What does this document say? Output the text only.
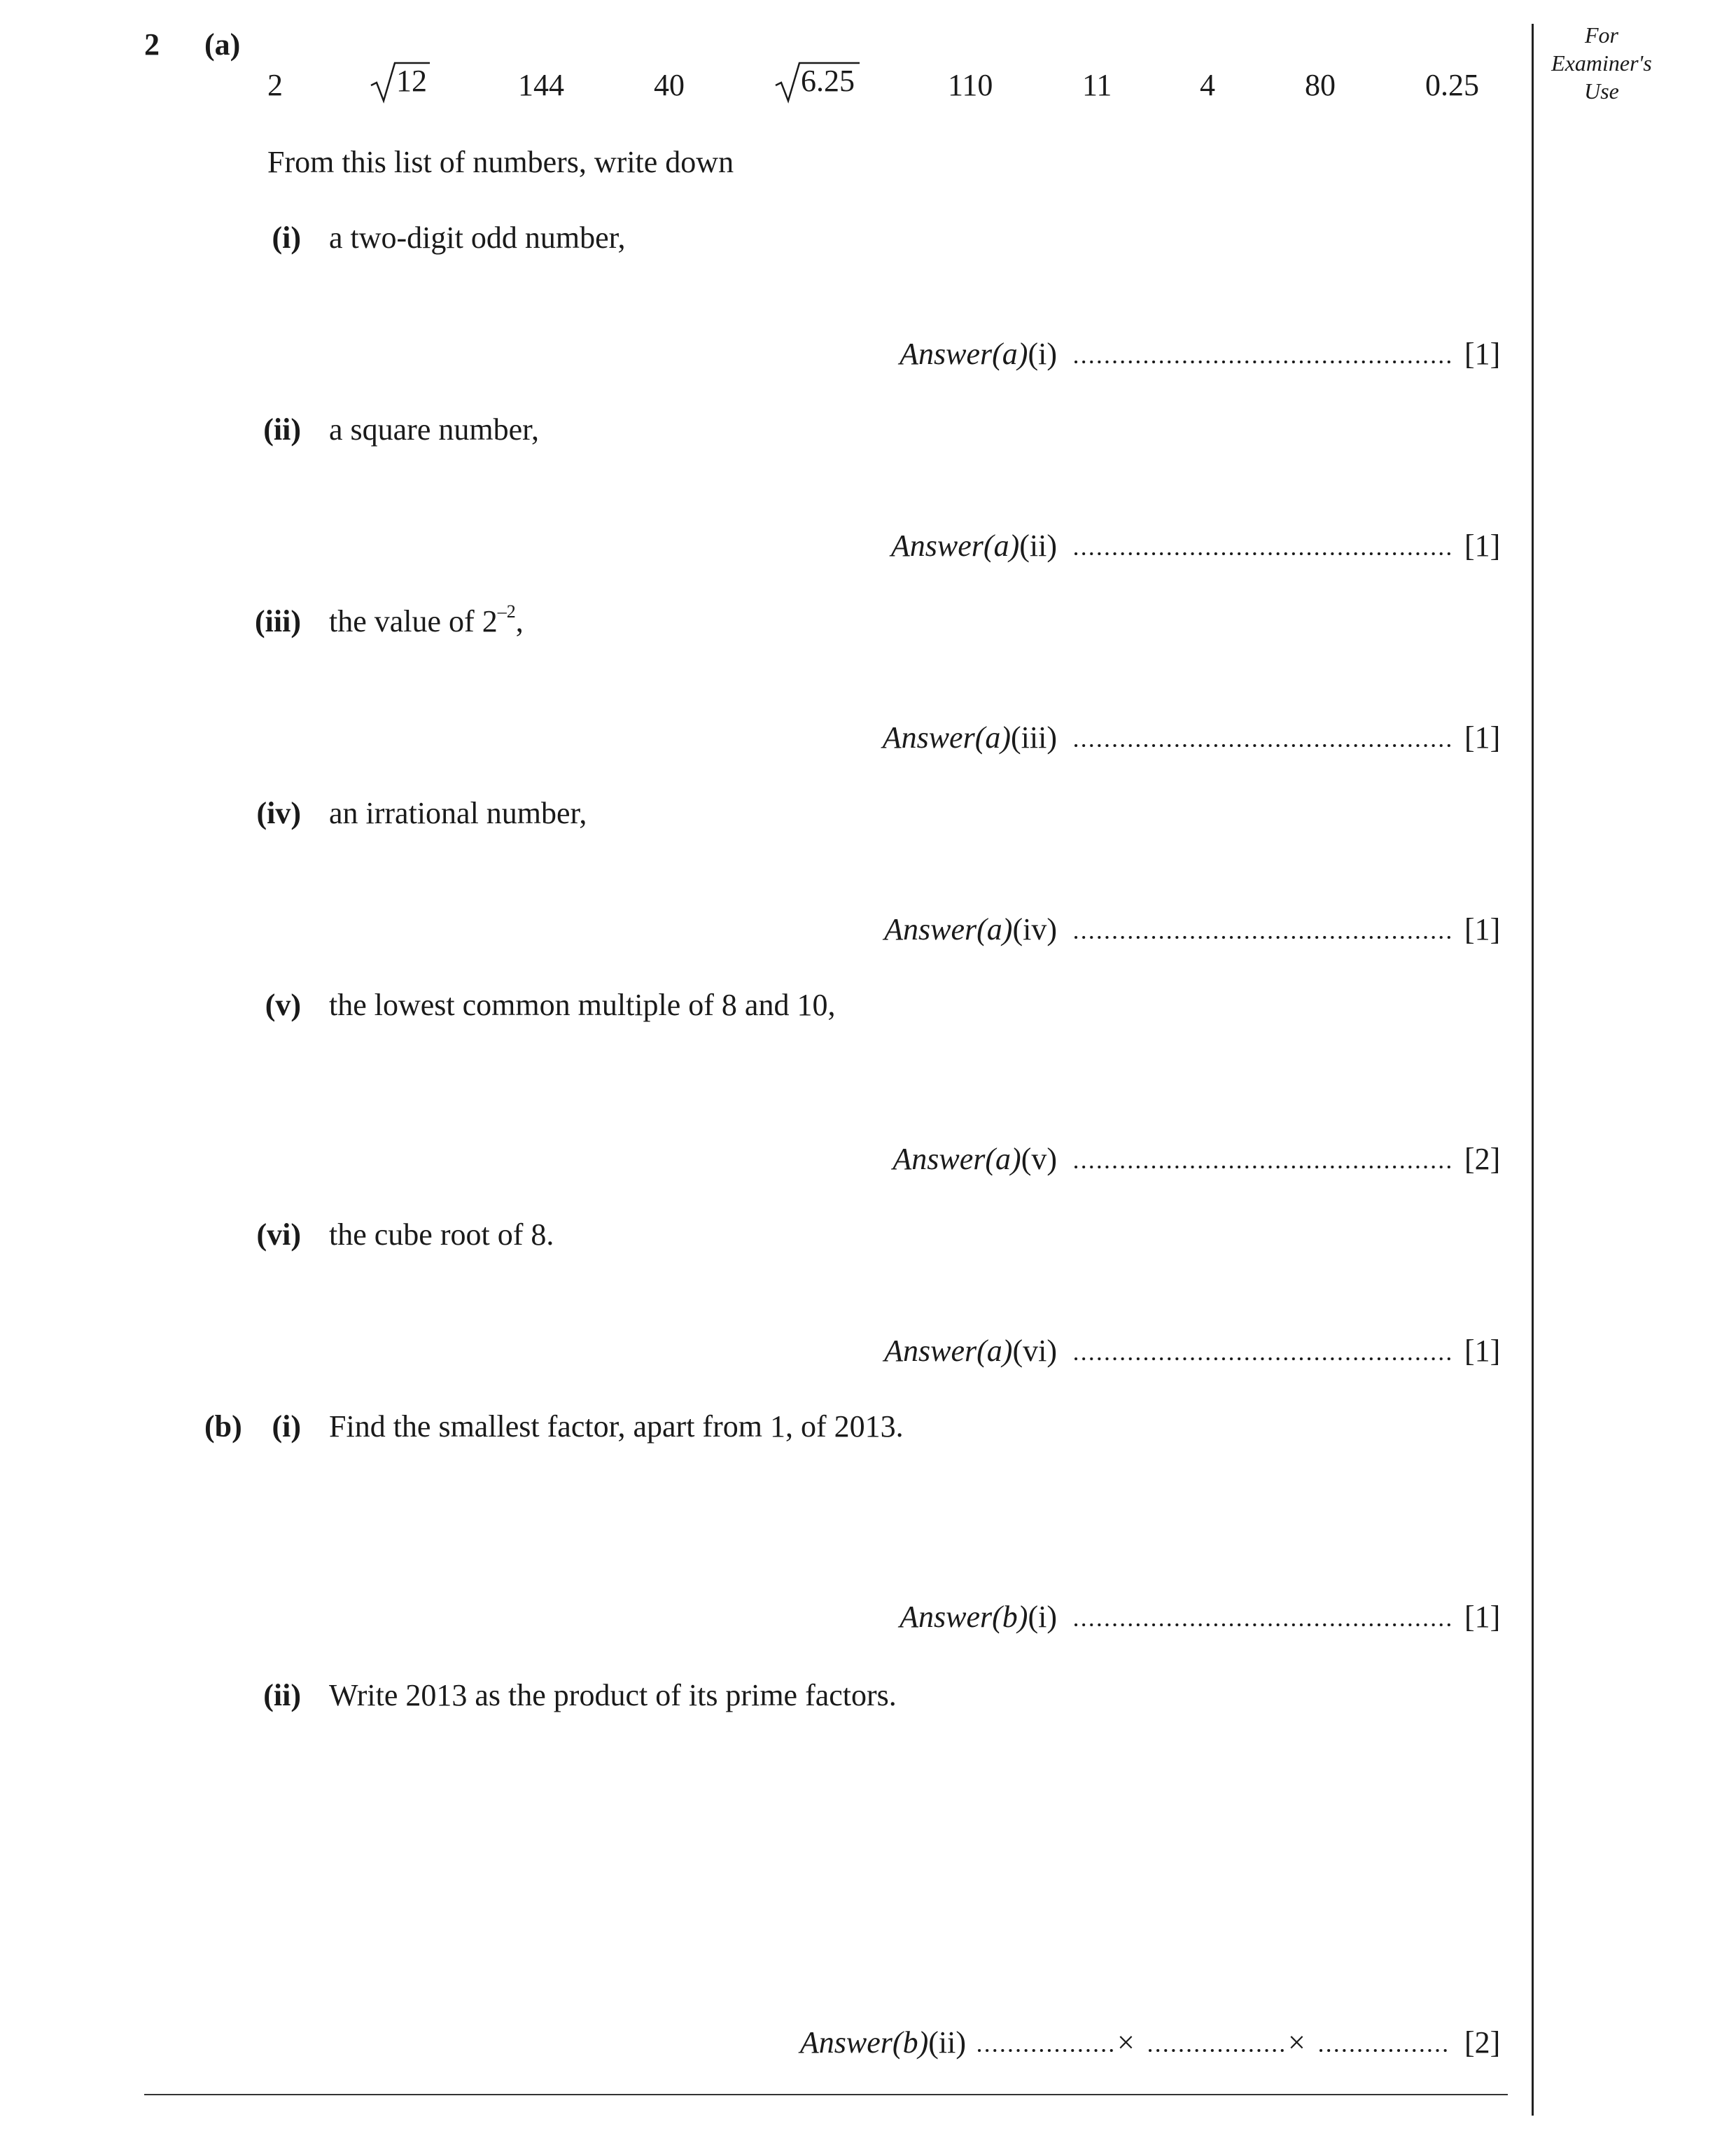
For
Examiner's
Use
2 (a)
2	12	144	40	6.25	110	11	4	80	0.25
From this list of numbers, write down
(i) a two-digit odd number,
Answer(a)(i)	[1]
(ii) a square number,
Answer(a)(ii)	[1]
(iii) the value of $2^{-2}$,
Answer(a)(iii)	[1]
(iv) an irrational number,
Answer(a)(iv)	[1]
(v) the lowest common multiple of 8 and 10,
Answer(a)(v)	[2]
(vi) the cube root of 8.
Answer(a)(vi)	[1]
(b) (i) Find the smallest factor, apart from 1, of 2013.
Answer(b)(i)	[1]
(ii) Write 2013 as the product of its prime factors.
Answer(b)(ii)	×	×	[2]
